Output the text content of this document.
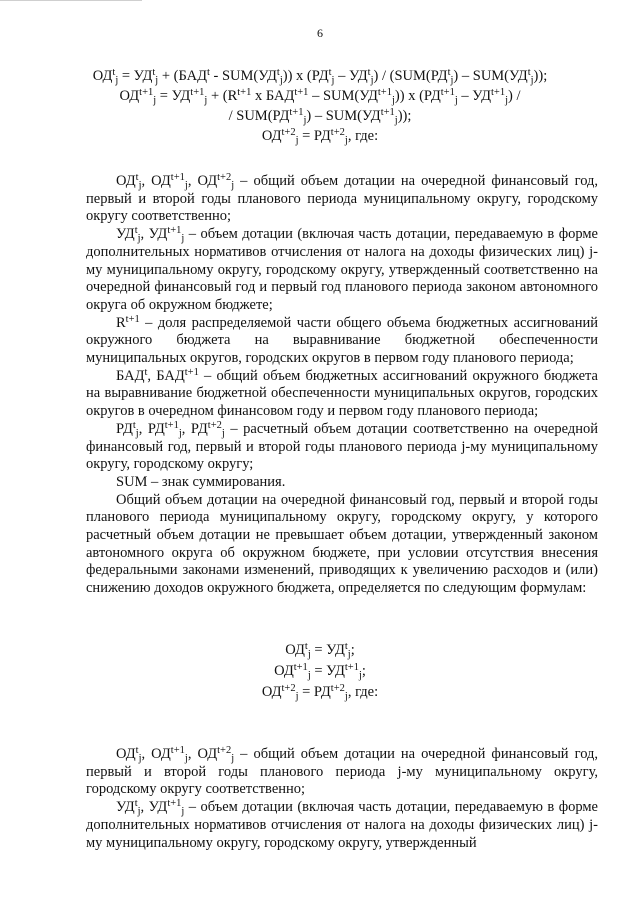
6
$ОД^t_j = УД^t_j + (БАД^t - SUM(УД^t_j))$ x $(РД^t_j - УД^t_j) / (SUM(РД^t_j) - SUM(УД^t_j))$;
$ОД^{t+1}_j = УД^{t+1}_j + (R^{t+1}$ x $БАД^{t+1} - SUM(УД^{t+1}_j)$) x $(РД^{t+1}_j - УД^{t+1}_j)$ /
/ $SUM(РД^{t+1}_j) - SUM(УД^{t+1}_j)$);
$ОД^{t+2}_j = РД^{t+2}_j$, где:

$ОД^t_j$, $ОД^{t+1}_j$, $ОД^{t+2}_j$ – общий объем дотации на очередной финансовый год, первый и второй годы планового периода муниципальному округу, городскому округу соответственно;

$УД^t_j$, $УД^{t+1}_j$ – объем дотации (включая часть дотации, передаваемую в форме дополнительных нормативов отчисления от налога на доходы физических лиц) j-му муниципальному округу, городскому округу, утвержденный соответственно на очередной финансовый год и первый год планового периода законом автономного округа об окружном бюджете;

$R^{t+1}$ – доля распределяемой части общего объема бюджетных ассигнований окружного бюджета на выравнивание бюджетной обеспеченности муниципальных округов, городских округов в первом году планового периода;

БАД$^t$, $БАД^{t+1}$ – общий объем бюджетных ассигнований окружного бюджета на выравнивание бюджетной обеспеченности муниципальных округов, городских округов в очередном финансовом году и первом году планового периода;

$РД^t_j$, $РД^{t+1}_j$, $РД^{t+2}_j$ – расчетный объем дотации соответственно на очередной финансовый год, первый и второй годы планового периода j-му муниципальному округу, городскому округу;

SUM – знак суммирования.

Общий объем дотации на очередной финансовый год, первый и второй годы планового периода муниципальному округу, городскому округу, у которого расчетный объем дотации не превышает объем дотации, утвержденный законом автономного округа об окружном бюджете, при условии отсутствия внесения федеральными законами изменений, приводящих к увеличению расходов и (или) снижению доходов окружного бюджета, определяется по следующим формулам:

$ОД^t_j = УД^t_j$;
$ОД^{t+1}_j = УД^{t+1}_j$;
$ОД^{t+2}_j = РД^{t+2}_j$, где:

$ОД^t_j$, $ОД^{t+1}_j$, $ОД^{t+2}_j$ – общий объем дотации на очередной финансовый год, первый и второй годы планового периода j-му муниципальному округу, городскому округу соответственно;

$УД^t_j$, $УД^{t+1}_j$ – объем дотации (включая часть дотации, передаваемую в форме дополнительных нормативов отчисления от налога на доходы физических лиц) j-му муниципальному округу, городскому округу, утвержденный
